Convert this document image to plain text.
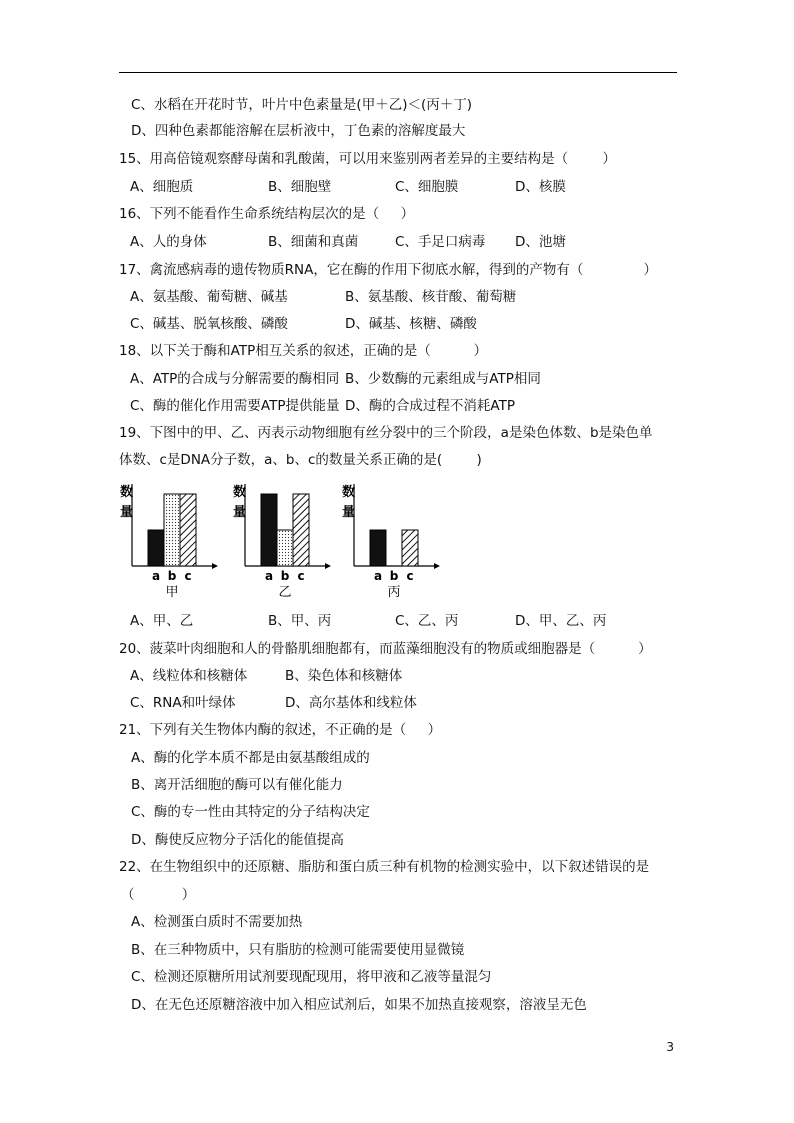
C、水稻在开花时节，叶片中色素量是(甲＋乙)＜(丙＋丁)
D、四种色素都能溶解在层析液中，丁色素的溶解度最大
15、用高倍镜观察酵母菌和乳酸菌，可以用来鉴别两者差异的主要结构是（        ）
A、细胞质	B、细胞壁	C、细胞膜	D、核膜
16、下列不能看作生命系统结构层次的是（     ）
A、人的身体	B、细菌和真菌	C、手足口病毒 D、池塘
17、禽流感病毒的遗传物质RNA，它在酶的作用下彻底水解，得到的产物有（              ）
A、氨基酸、葡萄糖、碱基	B、氨基酸、核苷酸、葡萄糖
C、碱基、脱氧核酸、磷酸	D、碱基、核糖、磷酸
18、以下关于酶和ATP相互关系的叙述，正确的是（          ）
A、ATP的合成与分解需要的酶相同 B、少数酶的元素组成与ATP相同
C、酶的催化作用需要ATP提供能量 D、酶的合成过程不消耗ATP
19、下图中的甲、乙、丙表示动物细胞有丝分裂中的三个阶段，a是染色体数、b是染色单
体数、c是DNA分子数，a、b、c的数量关系正确的是(        )
A、甲、乙	B、甲、丙	C、乙、丙	D、甲、乙、丙
20、菠菜叶肉细胞和人的骨骼肌细胞都有，而蓝藻细胞没有的物质或细胞器是（          ）
A、线粒体和核糖体	B、染色体和核糖体
C、RNA和叶绿体	D、高尔基体和线粒体
21、下列有关生物体内酶的叙述，不正确的是（     ）
A、酶的化学本质不都是由氨基酸组成的
B、离开活细胞的酶可以有催化能力
C、酶的专一性由其特定的分子结构决定
D、酶使反应物分子活化的能值提高
22、在生物组织中的还原糖、脂肪和蛋白质三种有机物的检测实验中，以下叙述错误的是
（           ）
A、检测蛋白质时不需要加热
B、在三种物质中，只有脂肪的检测可能需要使用显微镜
C、检测还原糖所用试剂要现配现用，将甲液和乙液等量混匀
D、在无色还原糖溶液中加入相应试剂后，如果不加热直接观察，溶液呈无色
数
量
a b c
甲
数
量
a b c
乙
数
量
a b c
丙
3
